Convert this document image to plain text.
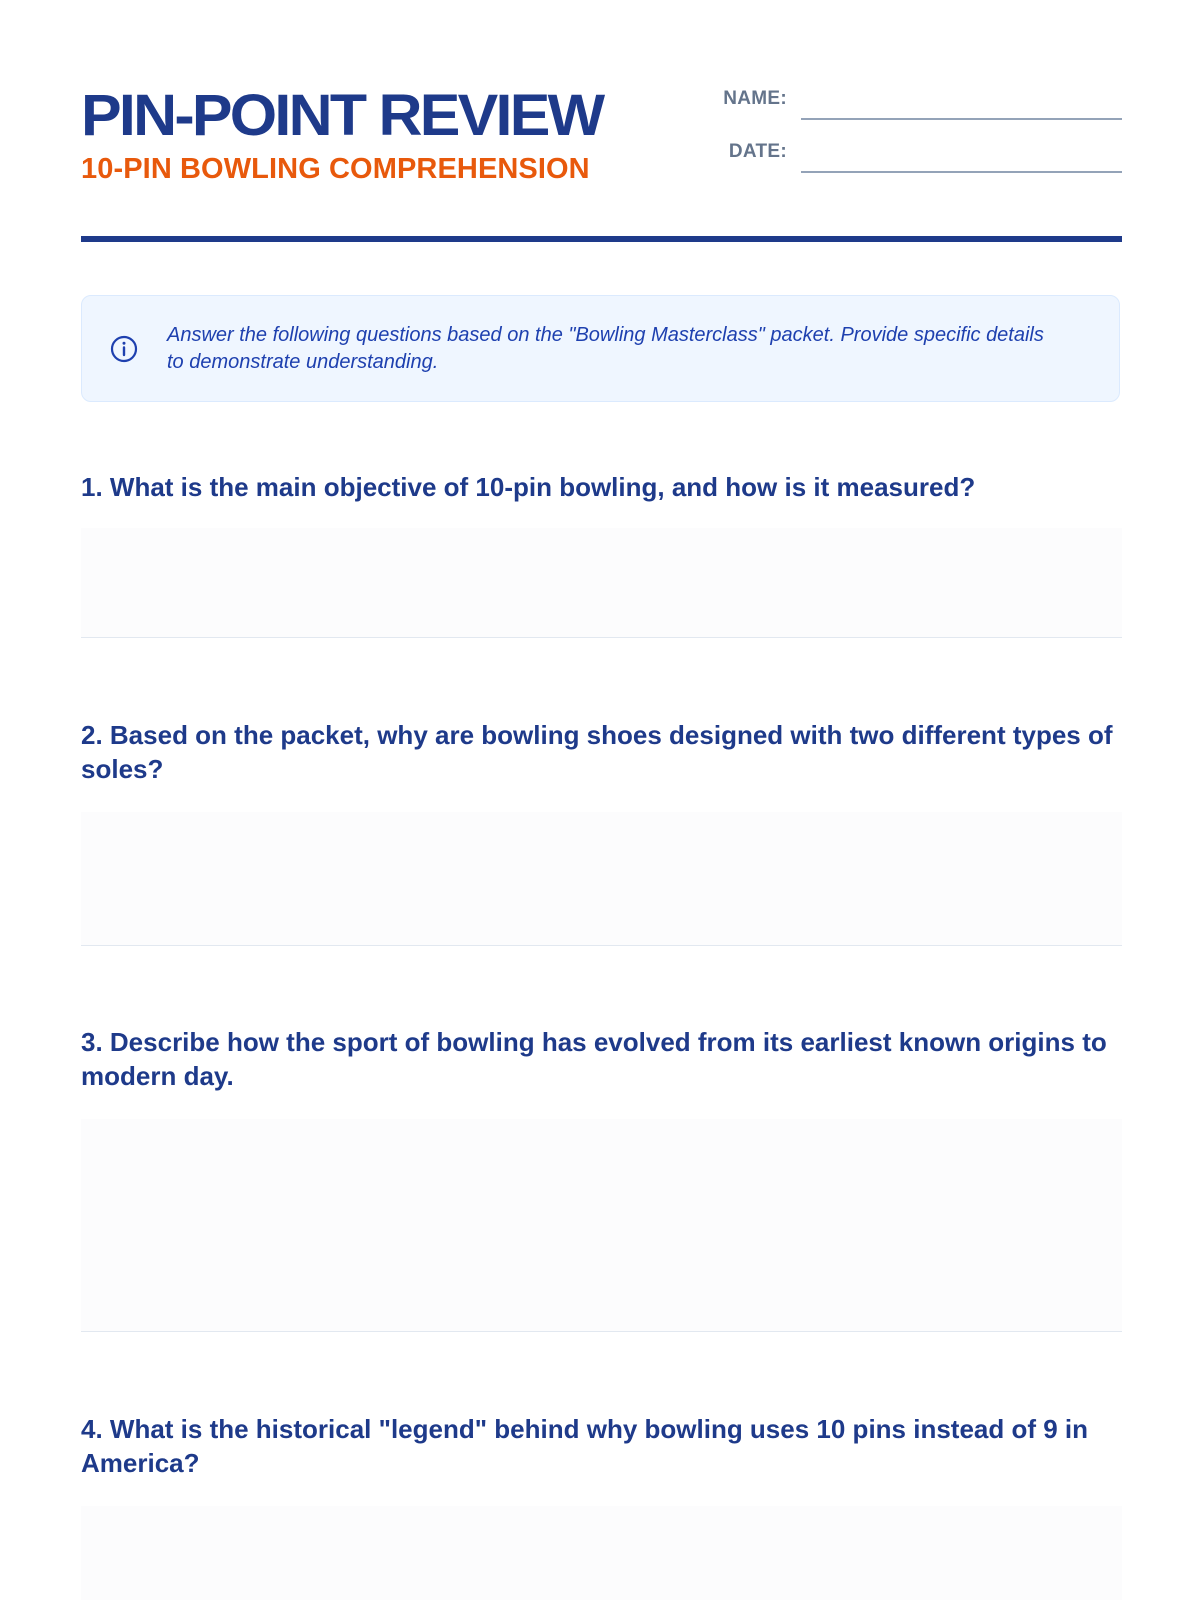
PIN-POINT REVIEW
10-PIN BOWLING COMPREHENSION
NAME:
DATE:

Answer the following questions based on the "Bowling Masterclass" packet. Provide specific details to demonstrate understanding.

1. What is the main objective of 10-pin bowling, and how is it measured?

2. Based on the packet, why are bowling shoes designed with two different types of soles?

3. Describe how the sport of bowling has evolved from its earliest known origins to modern day.

4. What is the historical "legend" behind why bowling uses 10 pins instead of 9 in America?
